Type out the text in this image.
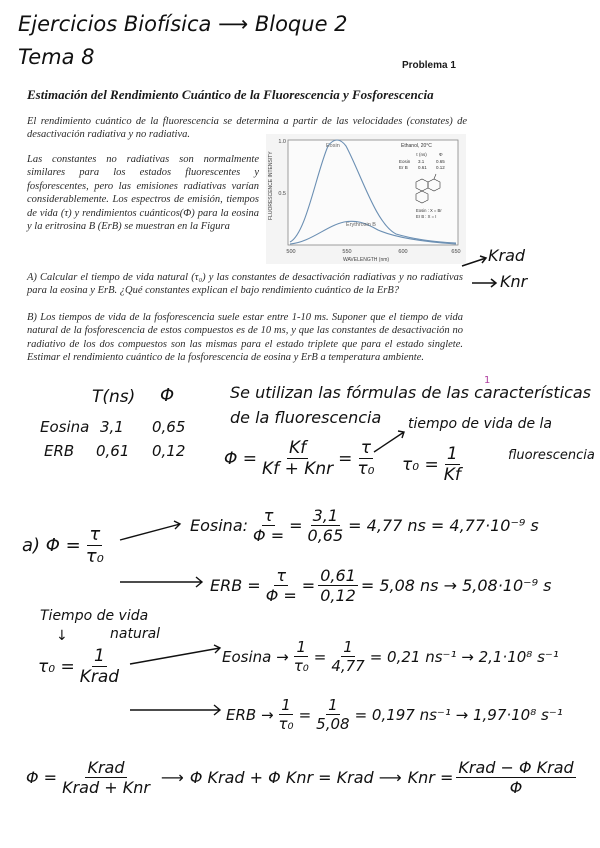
Ejercicios Biofísica ⟶ Bloque 2
Tema 8	Problema 1
Estimación del Rendimiento Cuántico de la Fluorescencia y Fosforescencia
El rendimiento cuántico de la fluorescencia se determina a partir de las velocidades (constates) de desactivación radiativa y no radiativa.
Las constantes no radiativas son normalmente similares para los estados fluorescentes y fosforescentes, pero las emisiones radiativas varían considerablemente. Los espectros de emisión, tiempos de vida (τ) y rendimientos cuánticos(Φ) para la eosina y la eritrosina B (ErB) se muestran en la Figura
FLUORESCENCE INTENSITY
1.0
0.5
500	550	600	650
WAVELENGTH (nm)
Eosin
Erythrosin B
Ethanol, 20°C
τ (ns)	Φ
Eosin 3.1	0.65
Er B 0.61 0.12
Eosin : X = Br
Er B : X = I
Krad
Knr
A) Calcular el tiempo de vida natural (τ₀) y las constantes de desactivación radiativas y no radiativas para la eosina y ErB. ¿Qué constantes explican el bajo rendimiento cuántico de la ErB?
B) Los tiempos de vida de la fosforescencia suele estar entre 1-10 ms. Suponer que el tiempo de vida natural de la fosforescencia de estos compuestos es de 10 ms, y que las constantes de desactivación no radiativo de los dos compuestos son las mismas para el estado triplete que para el estado singlete. Estimar el rendimiento cuántico de la fosforescencia de eosina y ErB a temperatura ambiente.
1
T(ns) Φ
Eosina 3,1 0,65
ERB 0,61 0,12
Se utilizan las fórmulas de las características
de la fluorescencia
$\Phi = \frac{Kf}{\text{Kf + Knr}} = \frac{\tau}{\text{τ₀}}$
tiempo de vida de la
fluorescencia
$\tau_0 = \frac{1}{Kf}$
a)
$\Phi = \frac{\tau}{\text{τ₀}}$	Eosina: $\frac{\tau}{\Phi =} = \frac{3,1}{0,65} = 4,77$ ns = 4,77·10⁻⁹ s
ERB = $\frac{\tau}{\Phi =} = \frac{0,61}{0,12} = 5,08$ ns → 5,08·10⁻⁹ s
Tiempo de vida
natural
↓
$\tau_0 = \frac{1}{\text{Krad}}$	$Eosina \to \frac{1}{\text{τ₀}} = \frac{1}{4,77} = 0,21$ ns⁻¹ → 2,1·10⁸ s⁻¹
ERB → $\frac{1}{\text{τ₀}} = \frac{1}{5,08} = 0,197$ ns⁻¹ → 1,97·10⁸ s⁻¹
$\Phi = \frac{\text{Krad}}{\text{Krad + Knr}}$ ⟶ Φ Krad + Φ Knr = Krad ⟶ Knr = $\frac{\text{Krad − Φ Krad}}{\Phi}$
